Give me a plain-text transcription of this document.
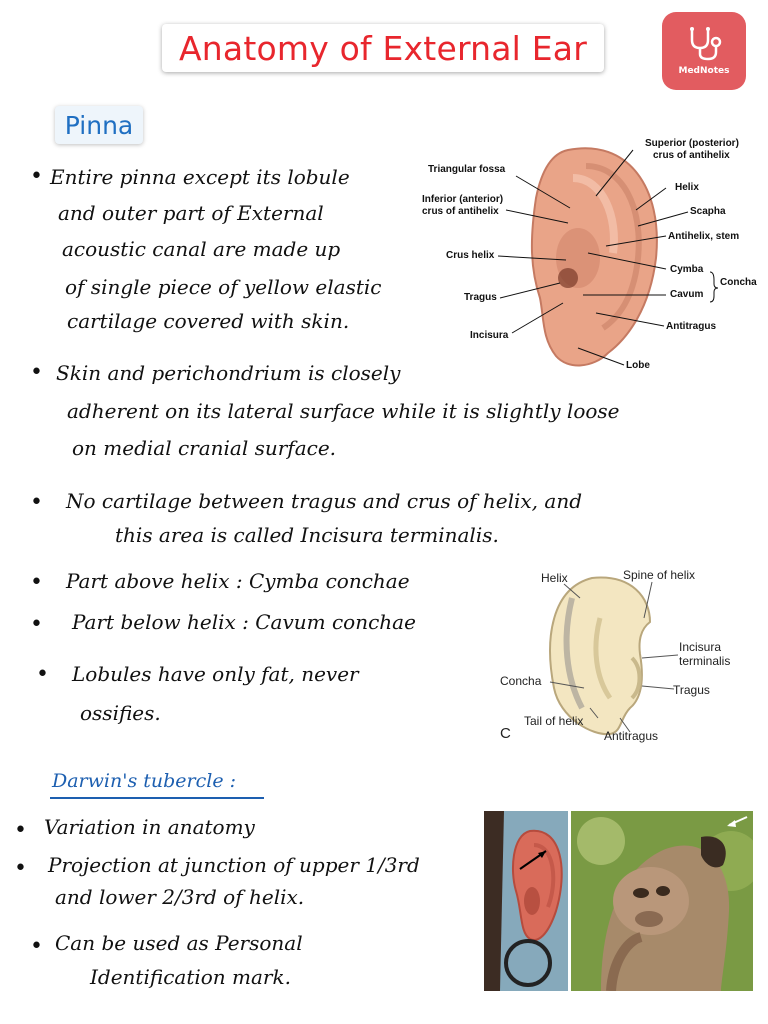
Anatomy of External Ear
MedNotes
Pinna
• Entire pinna except its lobule

and outer part of External

acoustic canal are made up

of single piece of yellow elastic

cartilage covered with skin.

• Skin and perichondrium is closely

adherent on its lateral surface while it is slightly loose

on medial cranial surface.

• No cartilage between tragus and crus of helix, and

this area is called Incisura terminalis.

• Part above helix : Cymba conchae

• Part below helix : Cavum conchae

• Lobules have only fat, never

ossifies.

Triangular fossa
Superior (posterior)
crus of antihelix
Inferior (anterior)
crus of antihelix
Helix
Scapha
Antihelix, stem
Crus helix
Cymba
Cavum
Concha
Tragus
Incisura
Antitragus
Lobe
Helix	Spine of helix
Incisura
terminalis
Tragus
Concha
Tail of helix
Antitragus
C
Darwin's tubercle :
• Variation in anatomy

• Projection at junction of upper 1/3rd

and lower 2/3rd of helix.

• Can be used as Personal

Identification mark.
